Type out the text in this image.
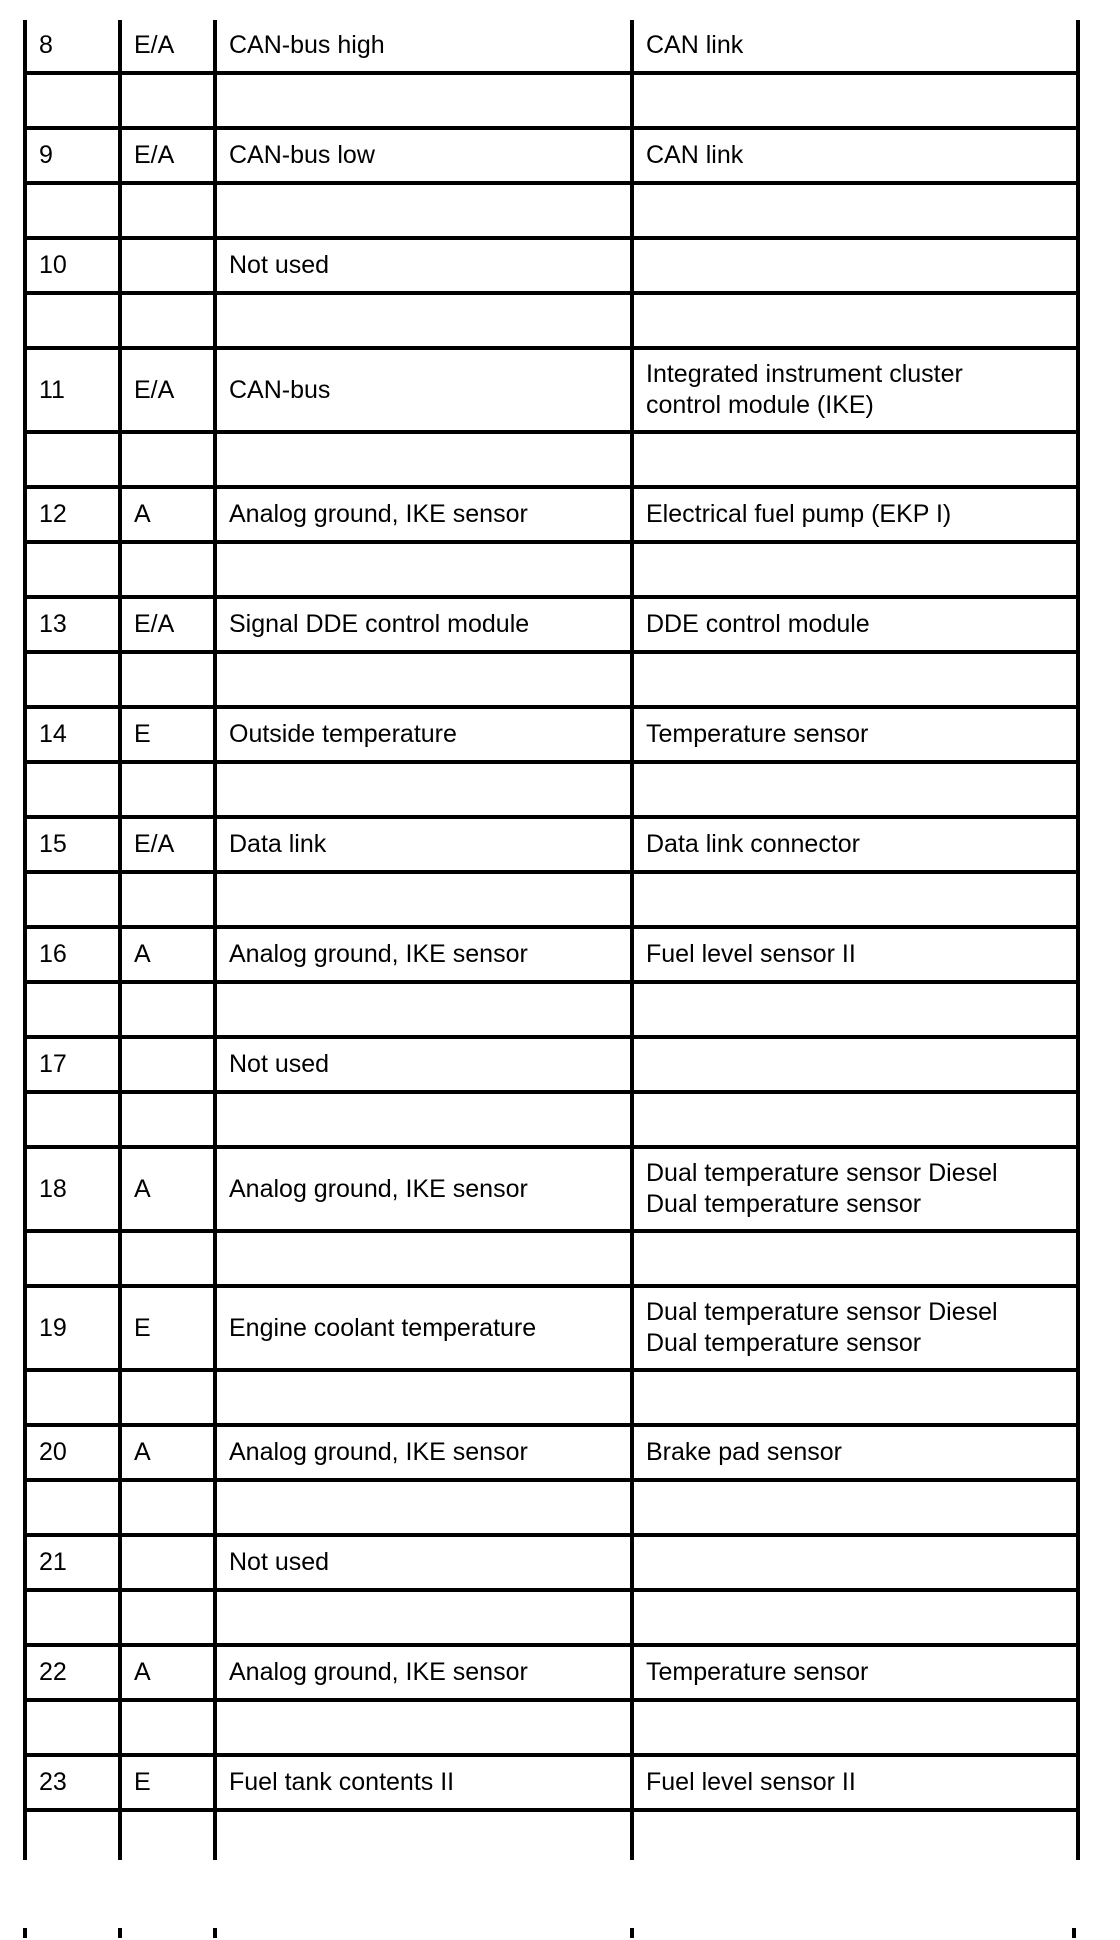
8	E/A	CAN-bus high	CAN link

9	E/A	CAN-bus low	CAN link

10		Not used	

11	E/A	CAN-bus	Integrated instrument cluster
control module (IKE)

12	A	Analog ground, IKE sensor	Electrical fuel pump (EKP I)

13	E/A	Signal DDE control module	DDE control module

14	E	Outside temperature	Temperature sensor

15	E/A	Data link	Data link connector

16	A	Analog ground, IKE sensor	Fuel level sensor II

17		Not used	

18	A	Analog ground, IKE sensor	Dual temperature sensor Diesel
Dual temperature sensor

19	E	Engine coolant temperature	Dual temperature sensor Diesel
Dual temperature sensor

20	A	Analog ground, IKE sensor	Brake pad sensor

21		Not used	

22	A	Analog ground, IKE sensor	Temperature sensor

23	E	Fuel tank contents II	Fuel level sensor II
